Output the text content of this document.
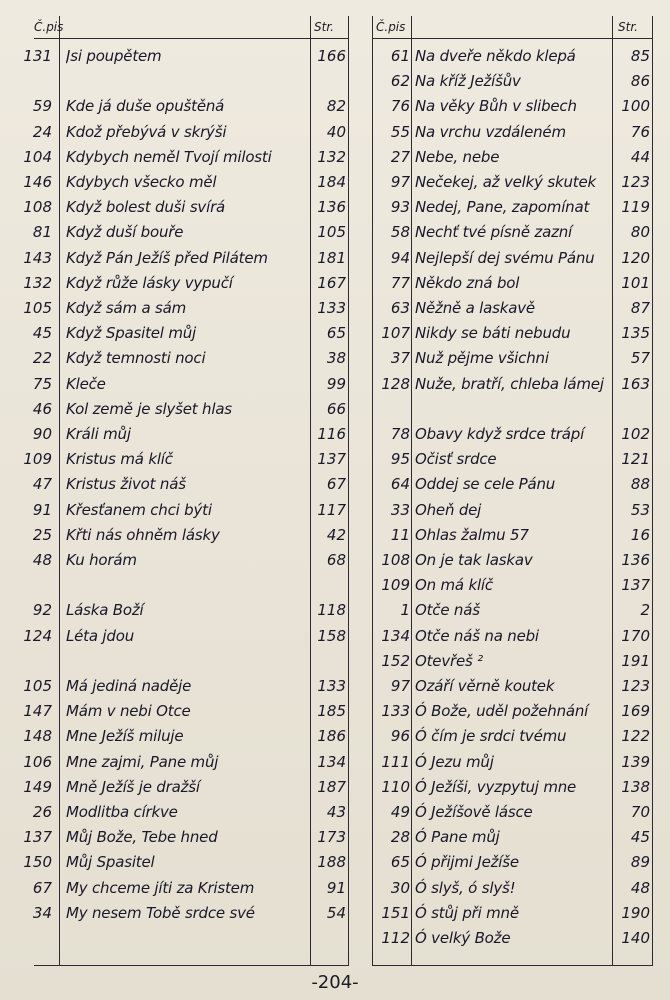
Č.pis	Str.	Č.pis	Str.
131 Jsi poupětem	166
59 Kde já duše opuštěná	82
24 Kdož přebývá v skrýši	40
104 Kdybych neměl Tvojí milosti	132
146 Kdybych všecko měl	184
108 Když bolest duši svírá	136
81 Když duší bouře	105
143 Když Pán Ježíš před Pilátem	181
132 Když růže lásky vypučí	167
105 Když sám a sám	133
45 Když Spasitel můj	65
22 Když temnosti noci	38
75 Klečе	99
46 Kol země je slyšet hlas	66
90 Králi můj	116
109 Kristus má klíč	137
47 Kristus život náš	67
91 Křesťanem chci býti	117
25 Křti nás ohněm lásky	42
48 Ku horám	68
92 Láska Boží	118
124 Léta jdou	158
105 Má jediná naděje	133
147 Mám v nebi Otce	185
148 Mne Ježíš miluje	186
106 Mne zajmi, Pane můj	134
149 Mně Ježíš je dražší	187
26 Modlitba církve	43
137 Můj Bože, Tebe hned	173
150 Můj Spasitel	188
67 My chceme jíti za Kristem	91
34 My nesem Tobě srdce své	54
61 Na dveře někdo klepá	85
62 Na kříž Ježíšův	86
76 Na věky Bůh v slibech	100
55 Na vrchu vzdáleném	76
27 Nebe, nebe	44
97 Nečekej, až velký skutek	123
93 Nedej, Pane, zapomínat	119
58 Nechť tvé písně zazní	80
94 Nejlepší dej svému Pánu	120
77 Někdo zná bol	101
63 Něžně a laskavě	87
107 Nikdy se báti nebudu	135
37 Nuž pějme všichni	57
128 Nuže, bratří, chleba lámej	163
78 Obavy když srdce trápí	102
95 Očisť srdce	121
64 Oddej se cele Pánu	88
33 Oheň dej	53
11 Ohlas žalmu 57	16
108 On je tak laskav	136
109 On má klíč	137
1 Otče náš	2
134 Otče náš na nebi	170
152 Otevřeš ²	191
97 Ozáří věrně koutek	123
133 Ó Bože, uděl požehnání	169
96 Ó čím je srdci tvému	122
111 Ó Jezu můj	139
110 Ó Ježíši, vyzpytuj mne	138
49 Ó Ježíšově lásce	70
28 Ó Pane můj	45
65 Ó přijmi Ježíše	89
30 Ó slyš, ó slyš!	48
151 Ó stůj při mně	190
112 Ó velký Bože	140
-204-
